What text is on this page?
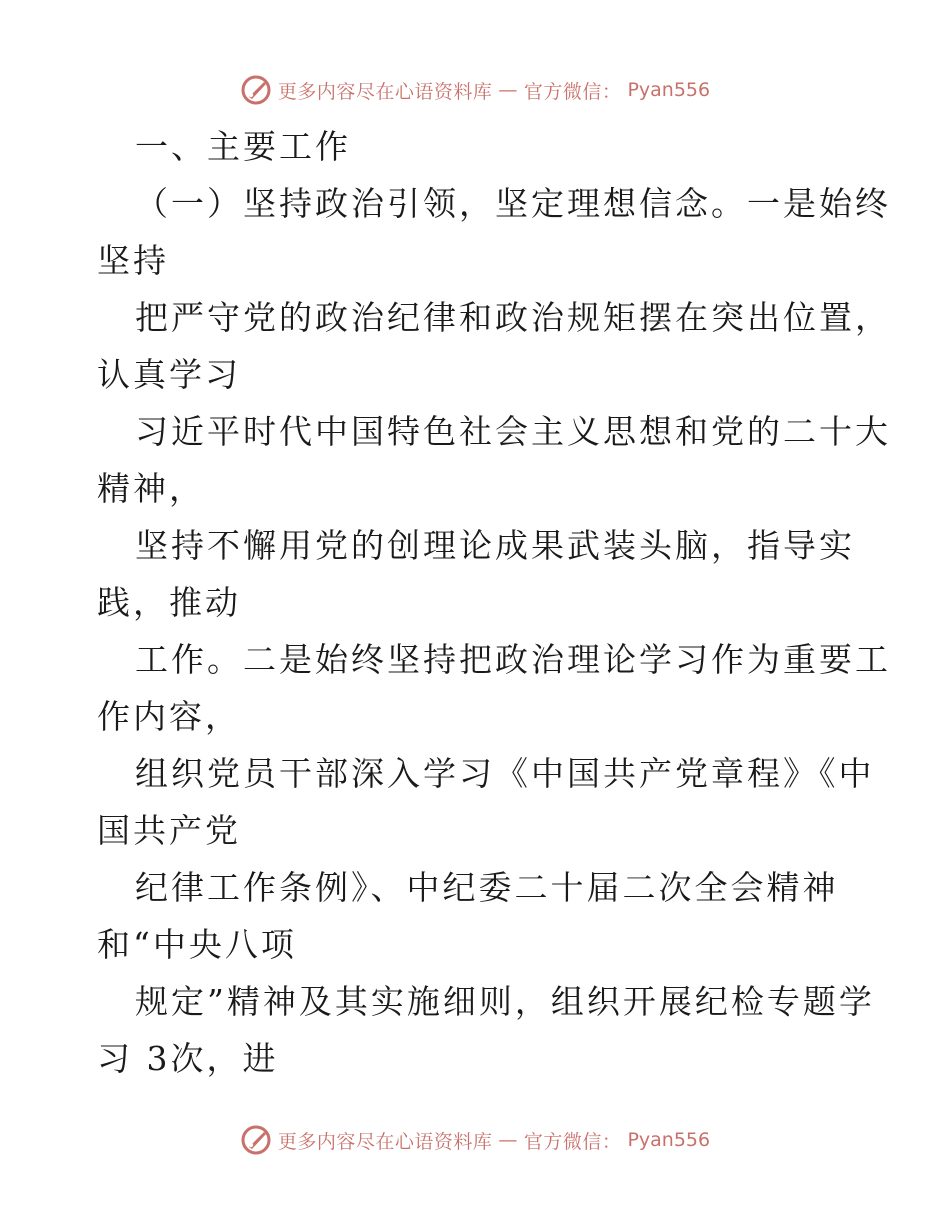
更多内容尽在心语资料库 — 官方微信： Pyan556
一、主要工作
（一）坚持政治引领，坚定理想信念。一是始终
坚持
把严守党的政治纪律和政治规矩摆在突出位置，
认真学习
习近平时代中国特色社会主义思想和党的二十大
精神，
坚持不懈用党的创理论成果武装头脑，指导实
践，推动
工作。二是始终坚持把政治理论学习作为重要工
作内容，
组织党员干部深入学习《中国共产党章程》《中
国共产党
纪律工作条例》、中纪委二十届二次全会精神
和“中央八项
规定”精神及其实施细则，组织开展纪检专题学
习 3次，进
更多内容尽在心语资料库 — 官方微信： Pyan556
